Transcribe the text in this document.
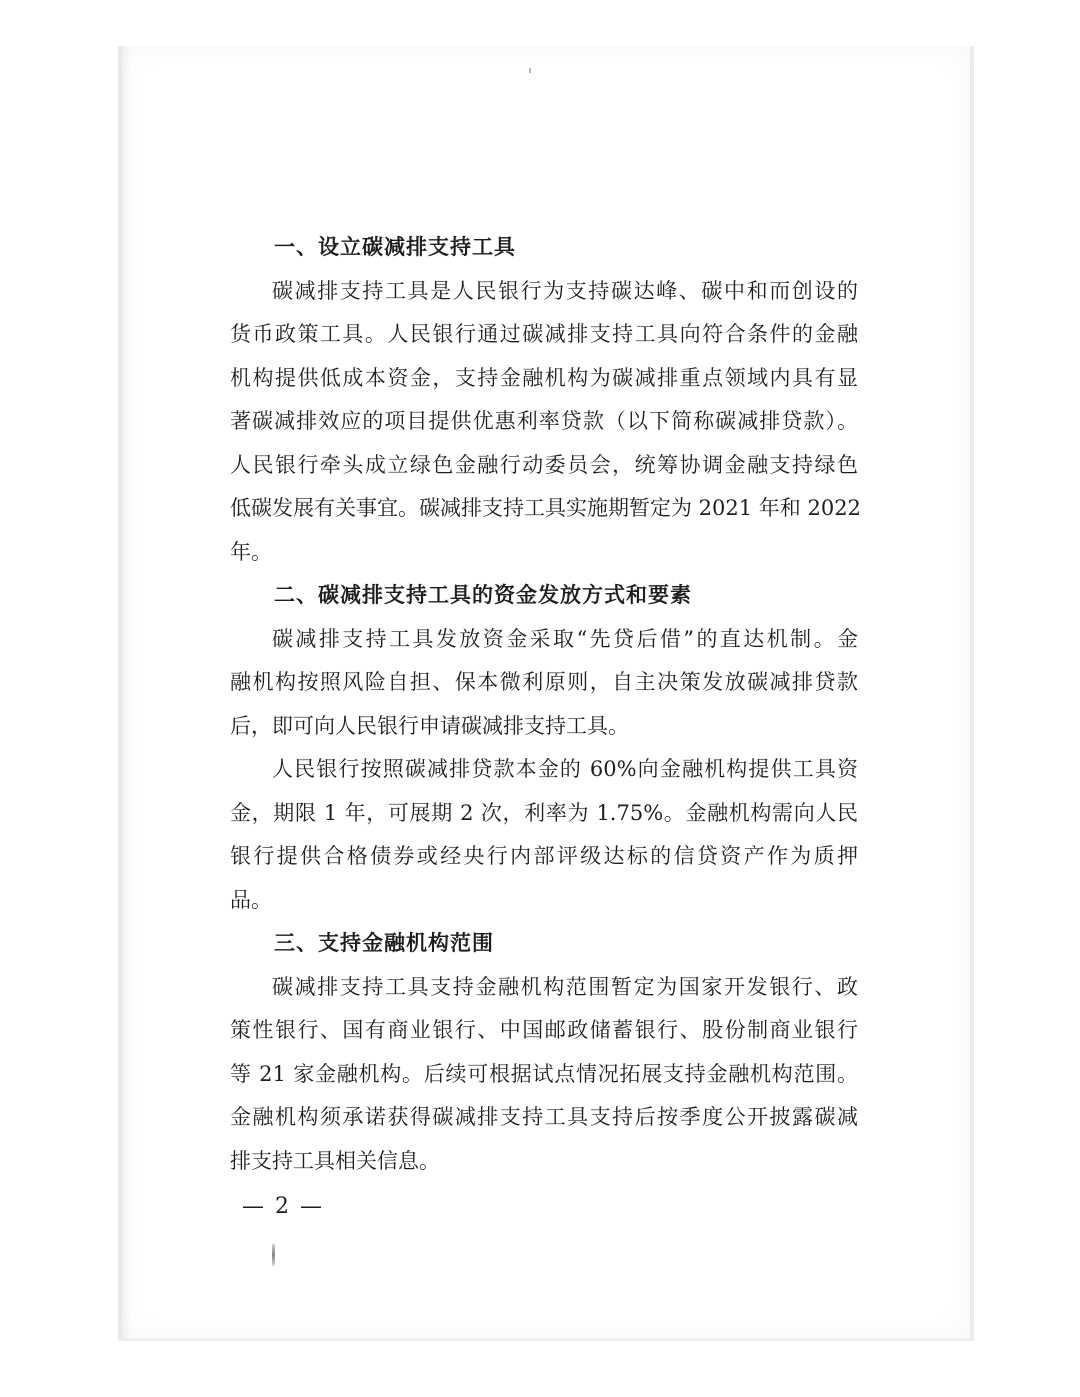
一、设立碳减排支持工具
碳减排支持工具是人民银行为支持碳达峰、碳中和而创设的
货币政策工具。人民银行通过碳减排支持工具向符合条件的金融
机构提供低成本资金，支持金融机构为碳减排重点领域内具有显
著碳减排效应的项目提供优惠利率贷款（以下简称碳减排贷款）。
人民银行牵头成立绿色金融行动委员会，统筹协调金融支持绿色
低碳发展有关事宜。碳减排支持工具实施期暂定为 2021 年和 2022
年。
二、碳减排支持工具的资金发放方式和要素
碳减排支持工具发放资金采取“先贷后借”的直达机制。金
融机构按照风险自担、保本微利原则，自主决策发放碳减排贷款
后，即可向人民银行申请碳减排支持工具。
人民银行按照碳减排贷款本金的 60%向金融机构提供工具资
金，期限 1 年，可展期 2 次，利率为 1.75%。金融机构需向人民
银行提供合格债券或经央行内部评级达标的信贷资产作为质押
品。
三、支持金融机构范围
碳减排支持工具支持金融机构范围暂定为国家开发银行、政
策性银行、国有商业银行、中国邮政储蓄银行、股份制商业银行
等 21 家金融机构。后续可根据试点情况拓展支持金融机构范围。
金融机构须承诺获得碳减排支持工具支持后按季度公开披露碳减
排支持工具相关信息。
— 2 —
